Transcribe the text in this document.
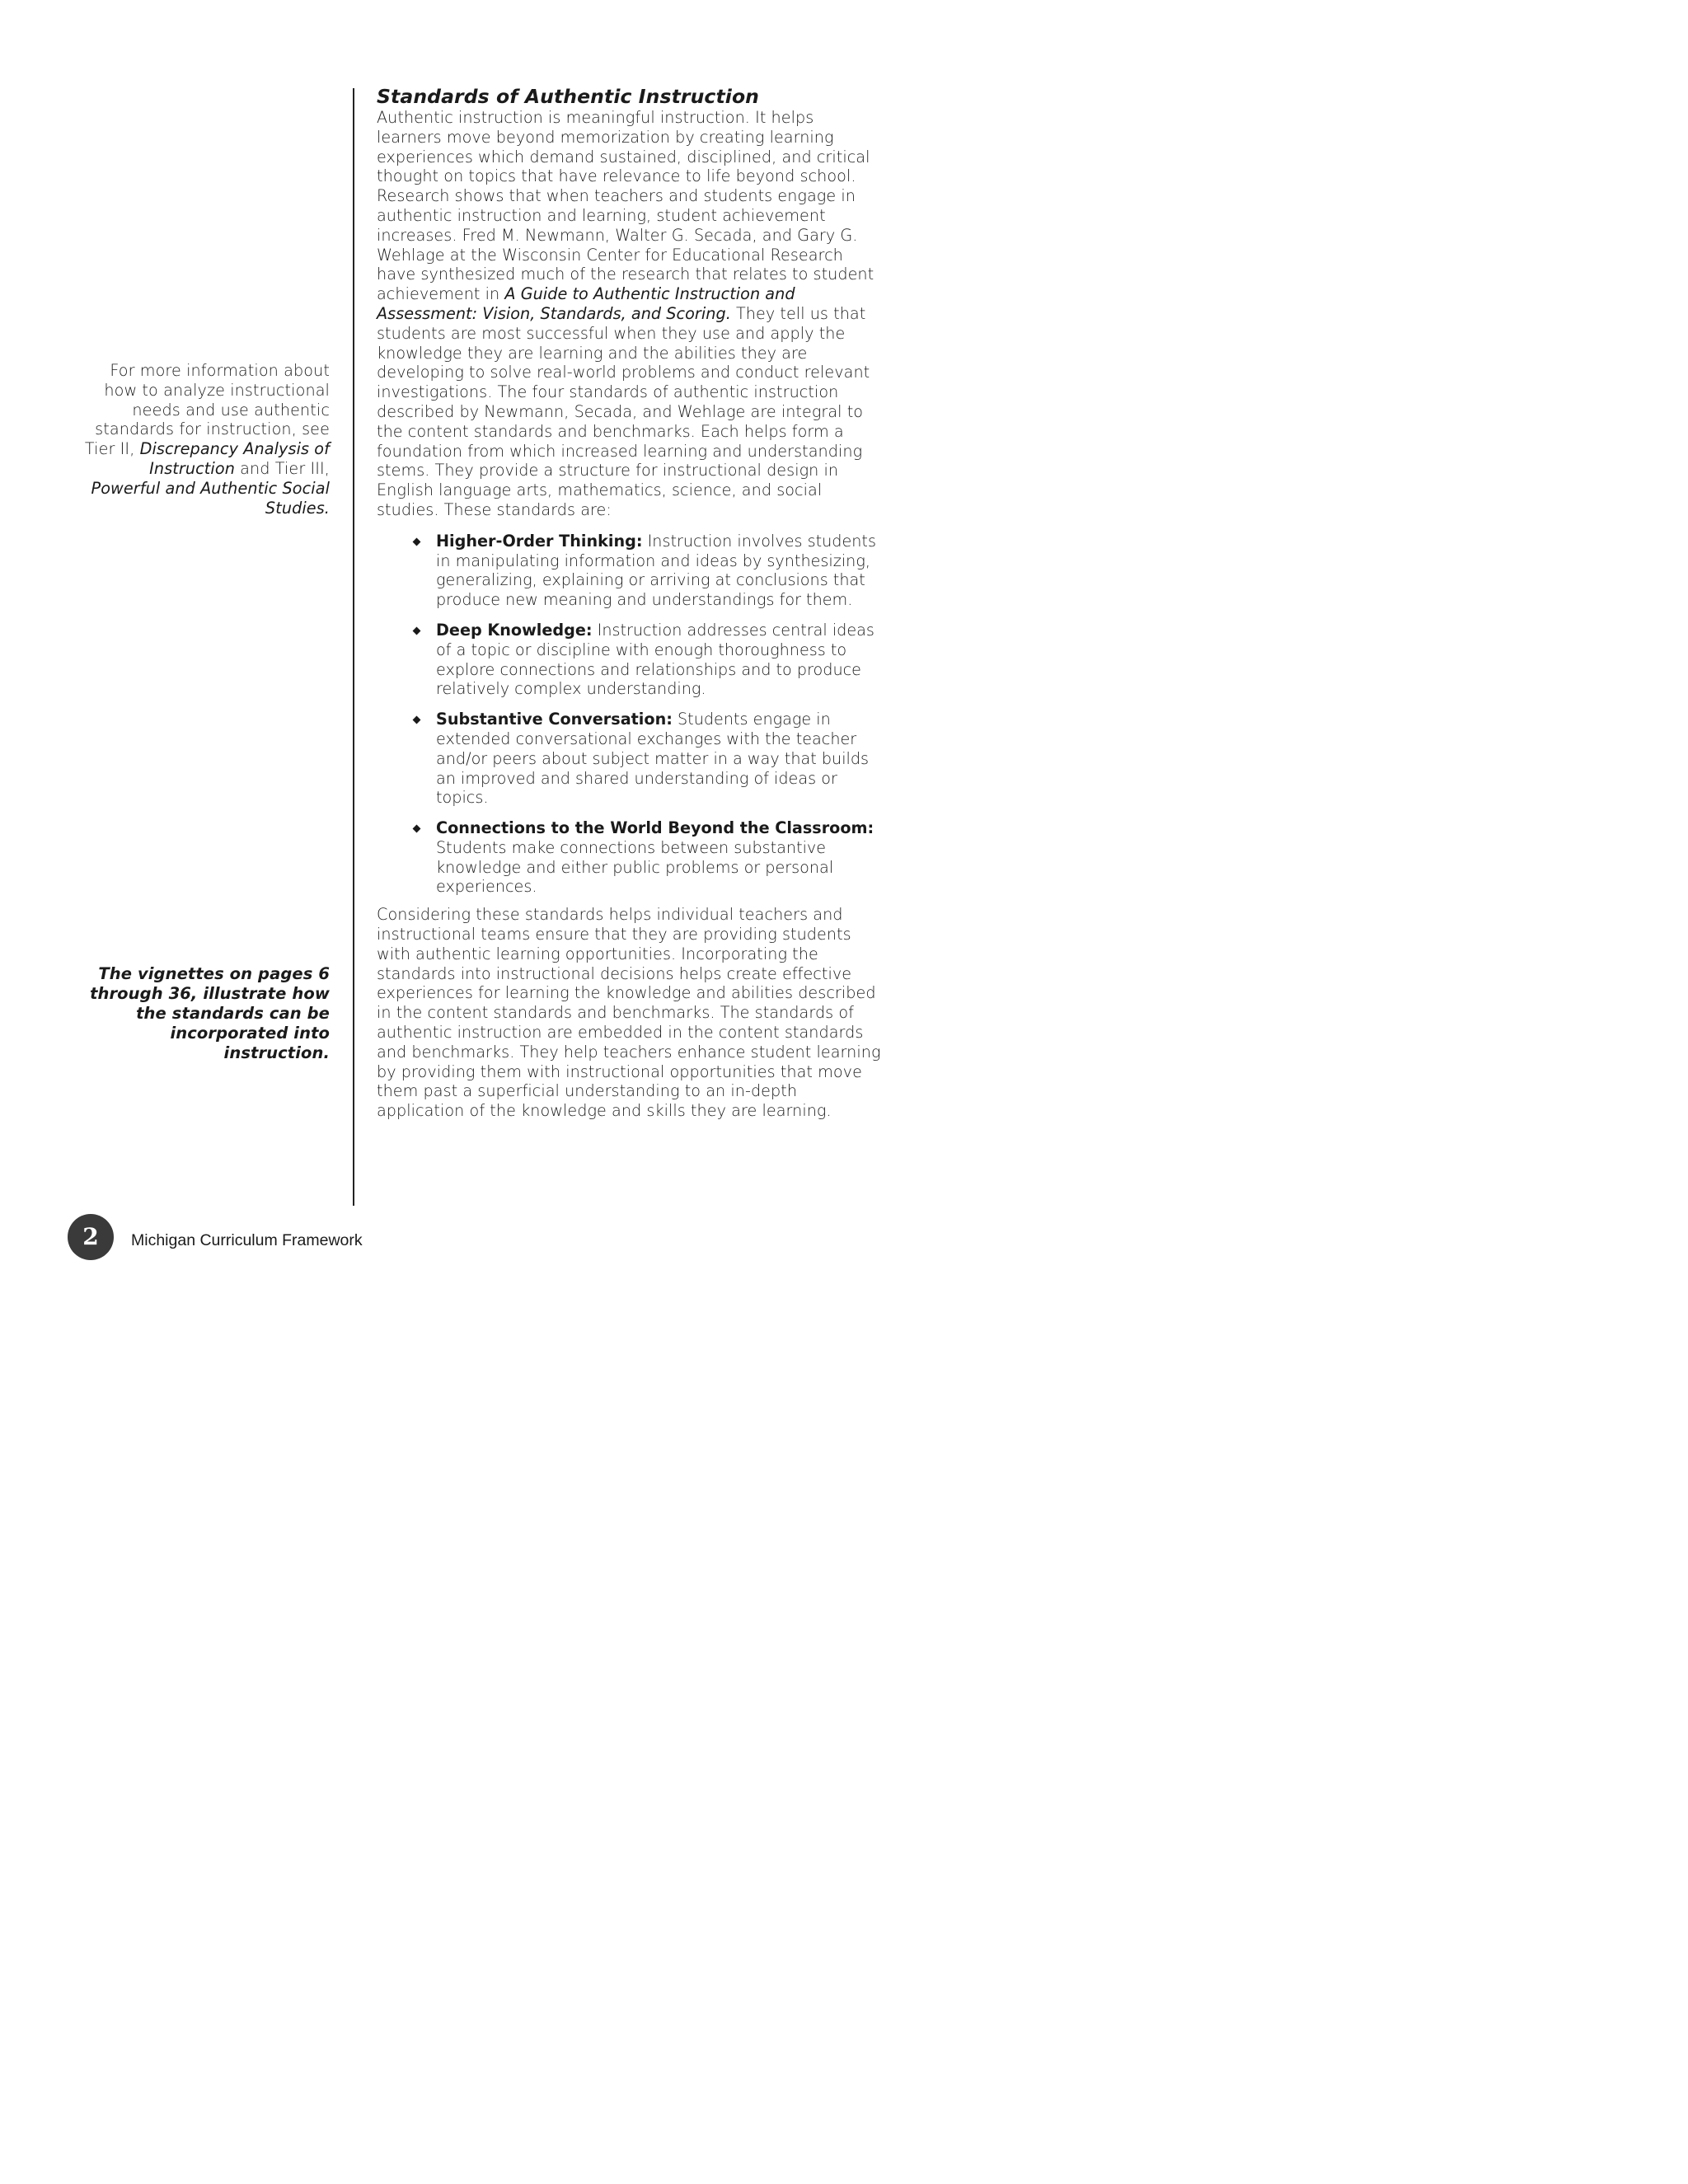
For more information about how to analyze instructional needs and use authentic standards for instruction, see Tier II, Discrepancy Analysis of Instruction and Tier III, Powerful and Authentic Social Studies.
The vignettes on pages 6 through 36, illustrate how the standards can be incorporated into instruction.
Standards of Authentic Instruction

Authentic instruction is meaningful instruction. It helps learners move beyond memorization by creating learning experiences which demand sustained, disciplined, and critical thought on topics that have relevance to life beyond school. Research shows that when teachers and students engage in authentic instruction and learning, student achievement increases. Fred M. Newmann, Walter G. Secada, and Gary G. Wehlage at the Wisconsin Center for Educational Research have synthesized much of the research that relates to student achievement in A Guide to Authentic Instruction and Assessment: Vision, Standards, and Scoring. They tell us that students are most successful when they use and apply the knowledge they are learning and the abilities they are developing to solve real-world problems and conduct relevant investigations. The four standards of authentic instruction described by Newmann, Secada, and Wehlage are integral to the content standards and benchmarks. Each helps form a foundation from which increased learning and understanding stems. They provide a structure for instructional design in English language arts, mathematics, science, and social studies. These standards are:

Higher-Order Thinking: Instruction involves students in manipulating information and ideas by synthesizing, generalizing, explaining or arriving at conclusions that produce new meaning and understandings for them.
Deep Knowledge: Instruction addresses central ideas of a topic or discipline with enough thoroughness to explore connections and relationships and to produce relatively complex understanding.
Substantive Conversation: Students engage in extended conversational exchanges with the teacher and/or peers about subject matter in a way that builds an improved and shared understanding of ideas or topics.
Connections to the World Beyond the Classroom: Students make connections between substantive knowledge and either public problems or personal experiences.

Considering these standards helps individual teachers and instructional teams ensure that they are providing students with authentic learning opportunities. Incorporating the standards into instructional decisions helps create effective experiences for learning the knowledge and abilities described in the content standards and benchmarks. The standards of authentic instruction are embedded in the content standards and benchmarks. They help teachers enhance student learning by providing them with instructional opportunities that move them past a superficial understanding to an in-depth application of the knowledge and skills they are learning.

2	Michigan Curriculum Framework
